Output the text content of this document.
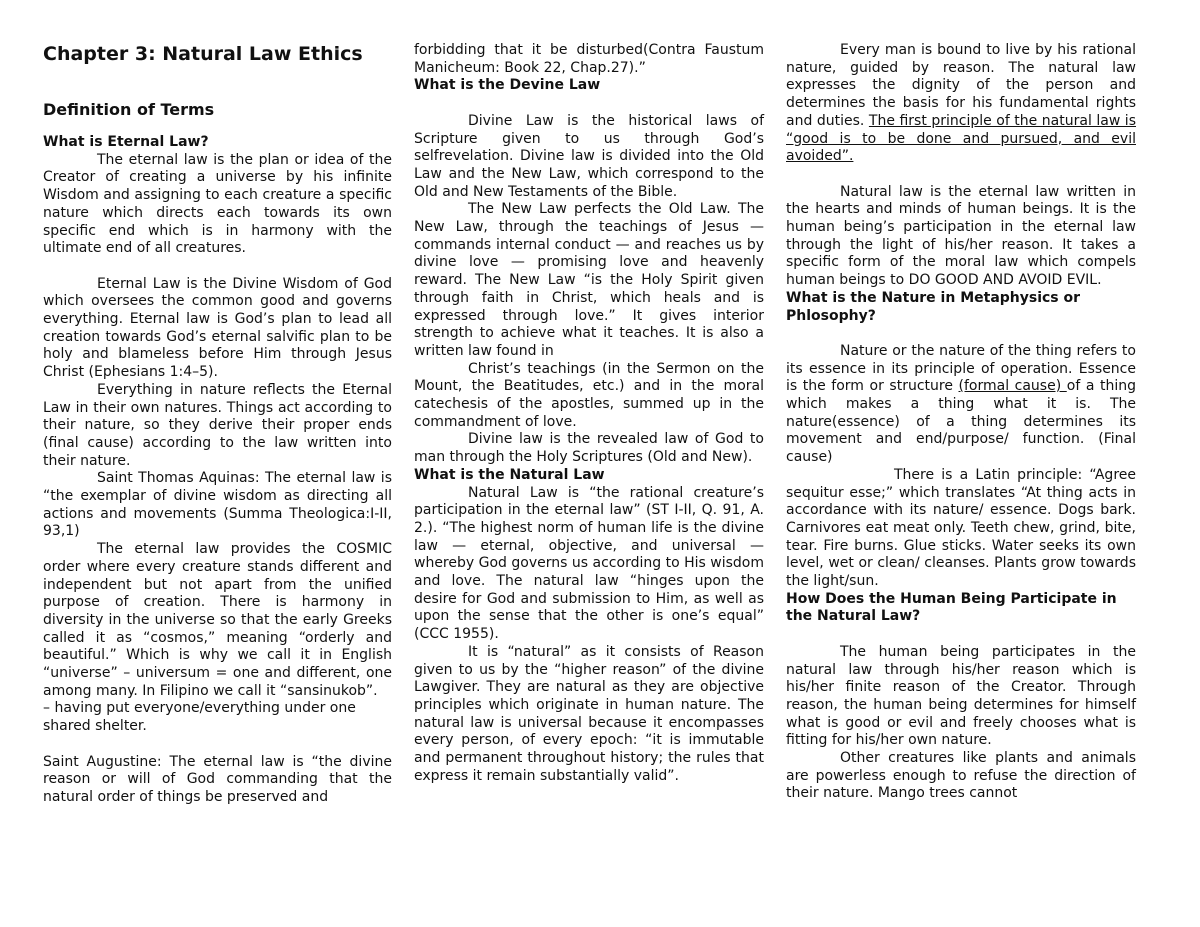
Chapter 3: Natural Law Ethics
Definition of Terms
What is Eternal Law?

The eternal law is the plan or idea of the Creator of creating a universe by his infinite Wisdom and assigning to each creature a specific nature which directs each towards its own specific end which is in harmony with the ultimate end of all creatures.

Eternal Law is the Divine Wisdom of God which oversees the common good and governs everything. Eternal law is God’s plan to lead all creation towards God’s eternal salvific plan to be holy and blameless before Him through Jesus Christ (Ephesians 1:4–5).

Everything in nature reflects the Eternal Law in their own natures. Things act according to their nature, so they derive their proper ends (final cause) according to the law written into their nature.

Saint Thomas Aquinas: The eternal law is “the exemplar of divine wisdom as directing all actions and movements (Summa Theologica:I-II, 93,1)

The eternal law provides the COSMIC order where every creature stands different and independent but not apart from the unified purpose of creation. There is harmony in diversity in the universe so that the early Greeks called it as “cosmos,” meaning “orderly and beautiful.” Which is why we call it in English “universe” – universum = one and different, one among many. In Filipino we call it “sansinukob”.

– having put everyone/everything under one shared shelter.

Saint Augustine: The eternal law is “the divine reason or will of God commanding that the natural order of things be preserved and

forbidding that it be disturbed(Contra Faustum Manicheum: Book 22, Chap.27).”

What is the Devine Law

Divine Law is the historical laws of Scripture given to us through God’s selfrevelation. Divine law is divided into the Old Law and the New Law, which correspond to the Old and New Testaments of the Bible.

The New Law perfects the Old Law. The New Law, through the teachings of Jesus — commands internal conduct — and reaches us by divine love — promising love and heavenly reward. The New Law “is the Holy Spirit given through faith in Christ, which heals and is expressed through love.” It gives interior strength to achieve what it teaches. It is also a written law found in

Christ’s teachings (in the Sermon on the Mount, the Beatitudes, etc.) and in the moral catechesis of the apostles, summed up in the commandment of love.

Divine law is the revealed law of God to man through the Holy Scriptures (Old and New).

What is the Natural Law

Natural Law is “the rational creature’s participation in the eternal law” (ST I-II, Q. 91, A. 2.). “The highest norm of human life is the divine law — eternal, objective, and universal — whereby God governs us according to His wisdom and love. The natural law “hinges upon the desire for God and submission to Him, as well as upon the sense that the other is one’s equal” (CCC 1955).

It is “natural” as it consists of Reason given to us by the “higher reason” of the divine Lawgiver. They are natural as they are objective principles which originate in human nature. The natural law is universal because it encompasses every person, of every epoch: “it is immutable and permanent throughout history; the rules that express it remain substantially valid”.

Every man is bound to live by his rational nature, guided by reason. The natural law expresses the dignity of the person and determines the basis for his fundamental rights and duties. The first principle of the natural law is “good is to be done and pursued, and evil avoided”.

Natural law is the eternal law written in the hearts and minds of human beings. It is the human being’s participation in the eternal law through the light of his/her reason. It takes a specific form of the moral law which compels human beings to DO GOOD AND AVOID EVIL.

What is the Nature in Metaphysics or Phlosophy?

Nature or the nature of the thing refers to its essence in its principle of operation. Essence is the form or structure (formal cause) of a thing which makes a thing what it is. The nature(essence) of a thing determines its movement and end/purpose/ function. (Final cause)

There is a Latin principle: “Agree sequitur esse;” which translates “At thing acts in accordance with its nature/ essence. Dogs bark. Carnivores eat meat only. Teeth chew, grind, bite, tear. Fire burns. Glue sticks. Water seeks its own level, wet or clean/ cleanses. Plants grow towards the light/sun.

How Does the Human Being Participate in the Natural Law?

The human being participates in the natural law through his/her reason which is his/her finite reason of the Creator. Through reason, the human being determines for himself what is good or evil and freely chooses what is fitting for his/her own nature.

Other creatures like plants and animals are powerless enough to refuse the direction of their nature. Mango trees cannot
